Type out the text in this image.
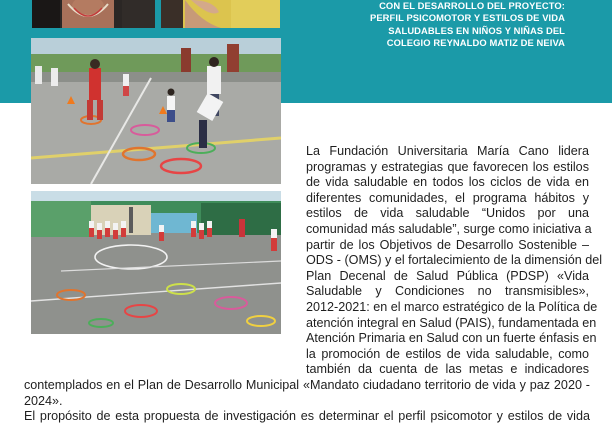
CON EL DESARROLLO DEL PROYECTO:
PERFIL PSICOMOTOR Y ESTILOS DE VIDA
SALUDABLES EN NIÑOS Y NIÑAS DEL
COLEGIO REYNALDO MATIZ DE NEIVA
La Fundación Universitaria María Cano lidera
programas y estrategias que favorecen los estilos
de vida saludable en todos los ciclos de vida en
diferentes comunidades, el programa hábitos y
estilos de vida saludable “Unidos por una
comunidad más saludable”, surge como iniciativa a
partir de los Objetivos de Desarrollo Sostenible –
ODS - (OMS) y el fortalecimiento de la dimensión del
Plan Decenal de Salud Pública (PDSP) «Vida
Saludable y Condiciones no transmisibles»,
2012-2021: en el marco estratégico de la Política de
atención integral en Salud (PAIS), fundamentada en
Atención Primaria en Salud con un fuerte énfasis en
la promoción de estilos de vida saludable, como
también da cuenta de las metas e indicadores
contemplados en el Plan de Desarrollo Municipal «Mandato ciudadano territorio de vida y paz 2020 -
2024».
El propósito de esta propuesta de investigación es determinar el perfil psicomotor y estilos de vida
